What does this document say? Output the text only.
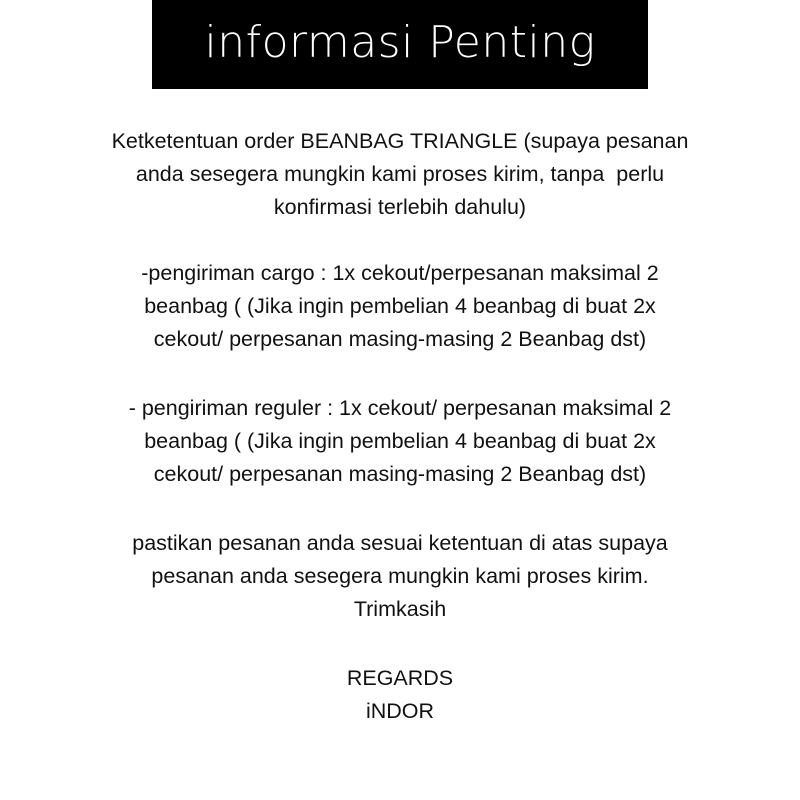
informasi Penting

Ketketentuan order BEANBAG TRIANGLE (supaya pesanan
anda sesegera mungkin kami proses kirim, tanpa  perlu
konfirmasi terlebih dahulu)

-pengiriman cargo : 1x cekout/perpesanan maksimal 2
beanbag ( (Jika ingin pembelian 4 beanbag di buat 2x
cekout/ perpesanan masing-masing 2 Beanbag dst)

- pengiriman reguler : 1x cekout/ perpesanan maksimal 2
beanbag ( (Jika ingin pembelian 4 beanbag di buat 2x
cekout/ perpesanan masing-masing 2 Beanbag dst)

pastikan pesanan anda sesuai ketentuan di atas supaya
pesanan anda sesegera mungkin kami proses kirim.
Trimkasih

REGARDS
iNDOR
